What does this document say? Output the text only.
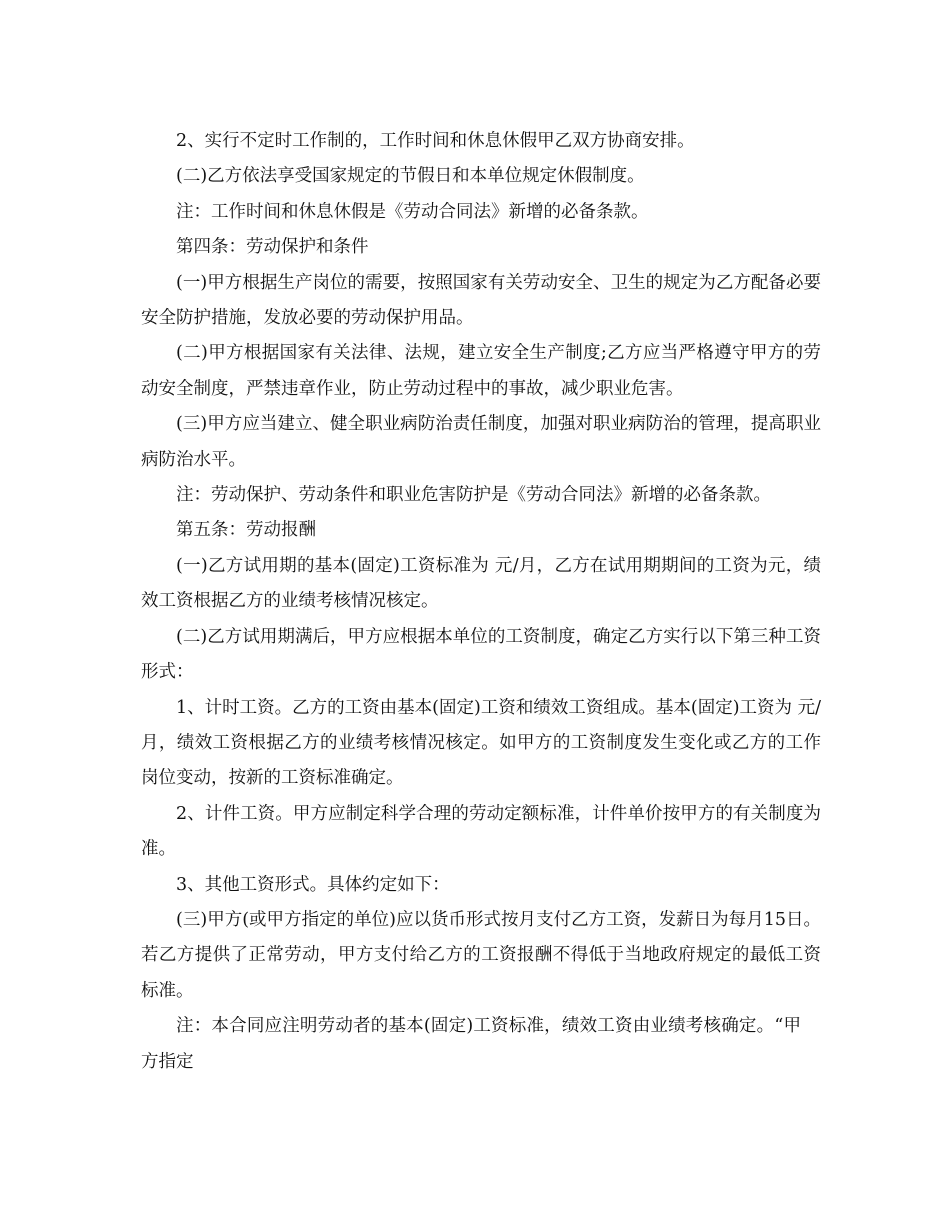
2、实行不定时工作制的，工作时间和休息休假甲乙双方协商安排。

(二)乙方依法享受国家规定的节假日和本单位规定休假制度。

注：工作时间和休息休假是《劳动合同法》新增的必备条款。

第四条：劳动保护和条件

(一)甲方根据生产岗位的需要，按照国家有关劳动安全、卫生的规定为乙方配备必要安全防护措施，发放必要的劳动保护用品。

(二)甲方根据国家有关法律、法规，建立安全生产制度;乙方应当严格遵守甲方的劳动安全制度，严禁违章作业，防止劳动过程中的事故，减少职业危害。

(三)甲方应当建立、健全职业病防治责任制度，加强对职业病防治的管理，提高职业病防治水平。

注：劳动保护、劳动条件和职业危害防护是《劳动合同法》新增的必备条款。

第五条：劳动报酬

(一)乙方试用期的基本(固定)工资标准为 元/月，乙方在试用期期间的工资为元，绩效工资根据乙方的业绩考核情况核定。

(二)乙方试用期满后，甲方应根据本单位的工资制度，确定乙方实行以下第三种工资形式：

1、计时工资。乙方的工资由基本(固定)工资和绩效工资组成。基本(固定)工资为 元/月，绩效工资根据乙方的业绩考核情况核定。如甲方的工资制度发生变化或乙方的工作岗位变动，按新的工资标准确定。

2、计件工资。甲方应制定科学合理的劳动定额标准，计件单价按甲方的有关制度为准。

3、其他工资形式。具体约定如下：

(三)甲方(或甲方指定的单位)应以货币形式按月支付乙方工资，发薪日为每月15日。若乙方提供了正常劳动，甲方支付给乙方的工资报酬不得低于当地政府规定的最低工资标准。

注：本合同应注明劳动者的基本(固定)工资标准，绩效工资由业绩考核确定。“甲方指定
